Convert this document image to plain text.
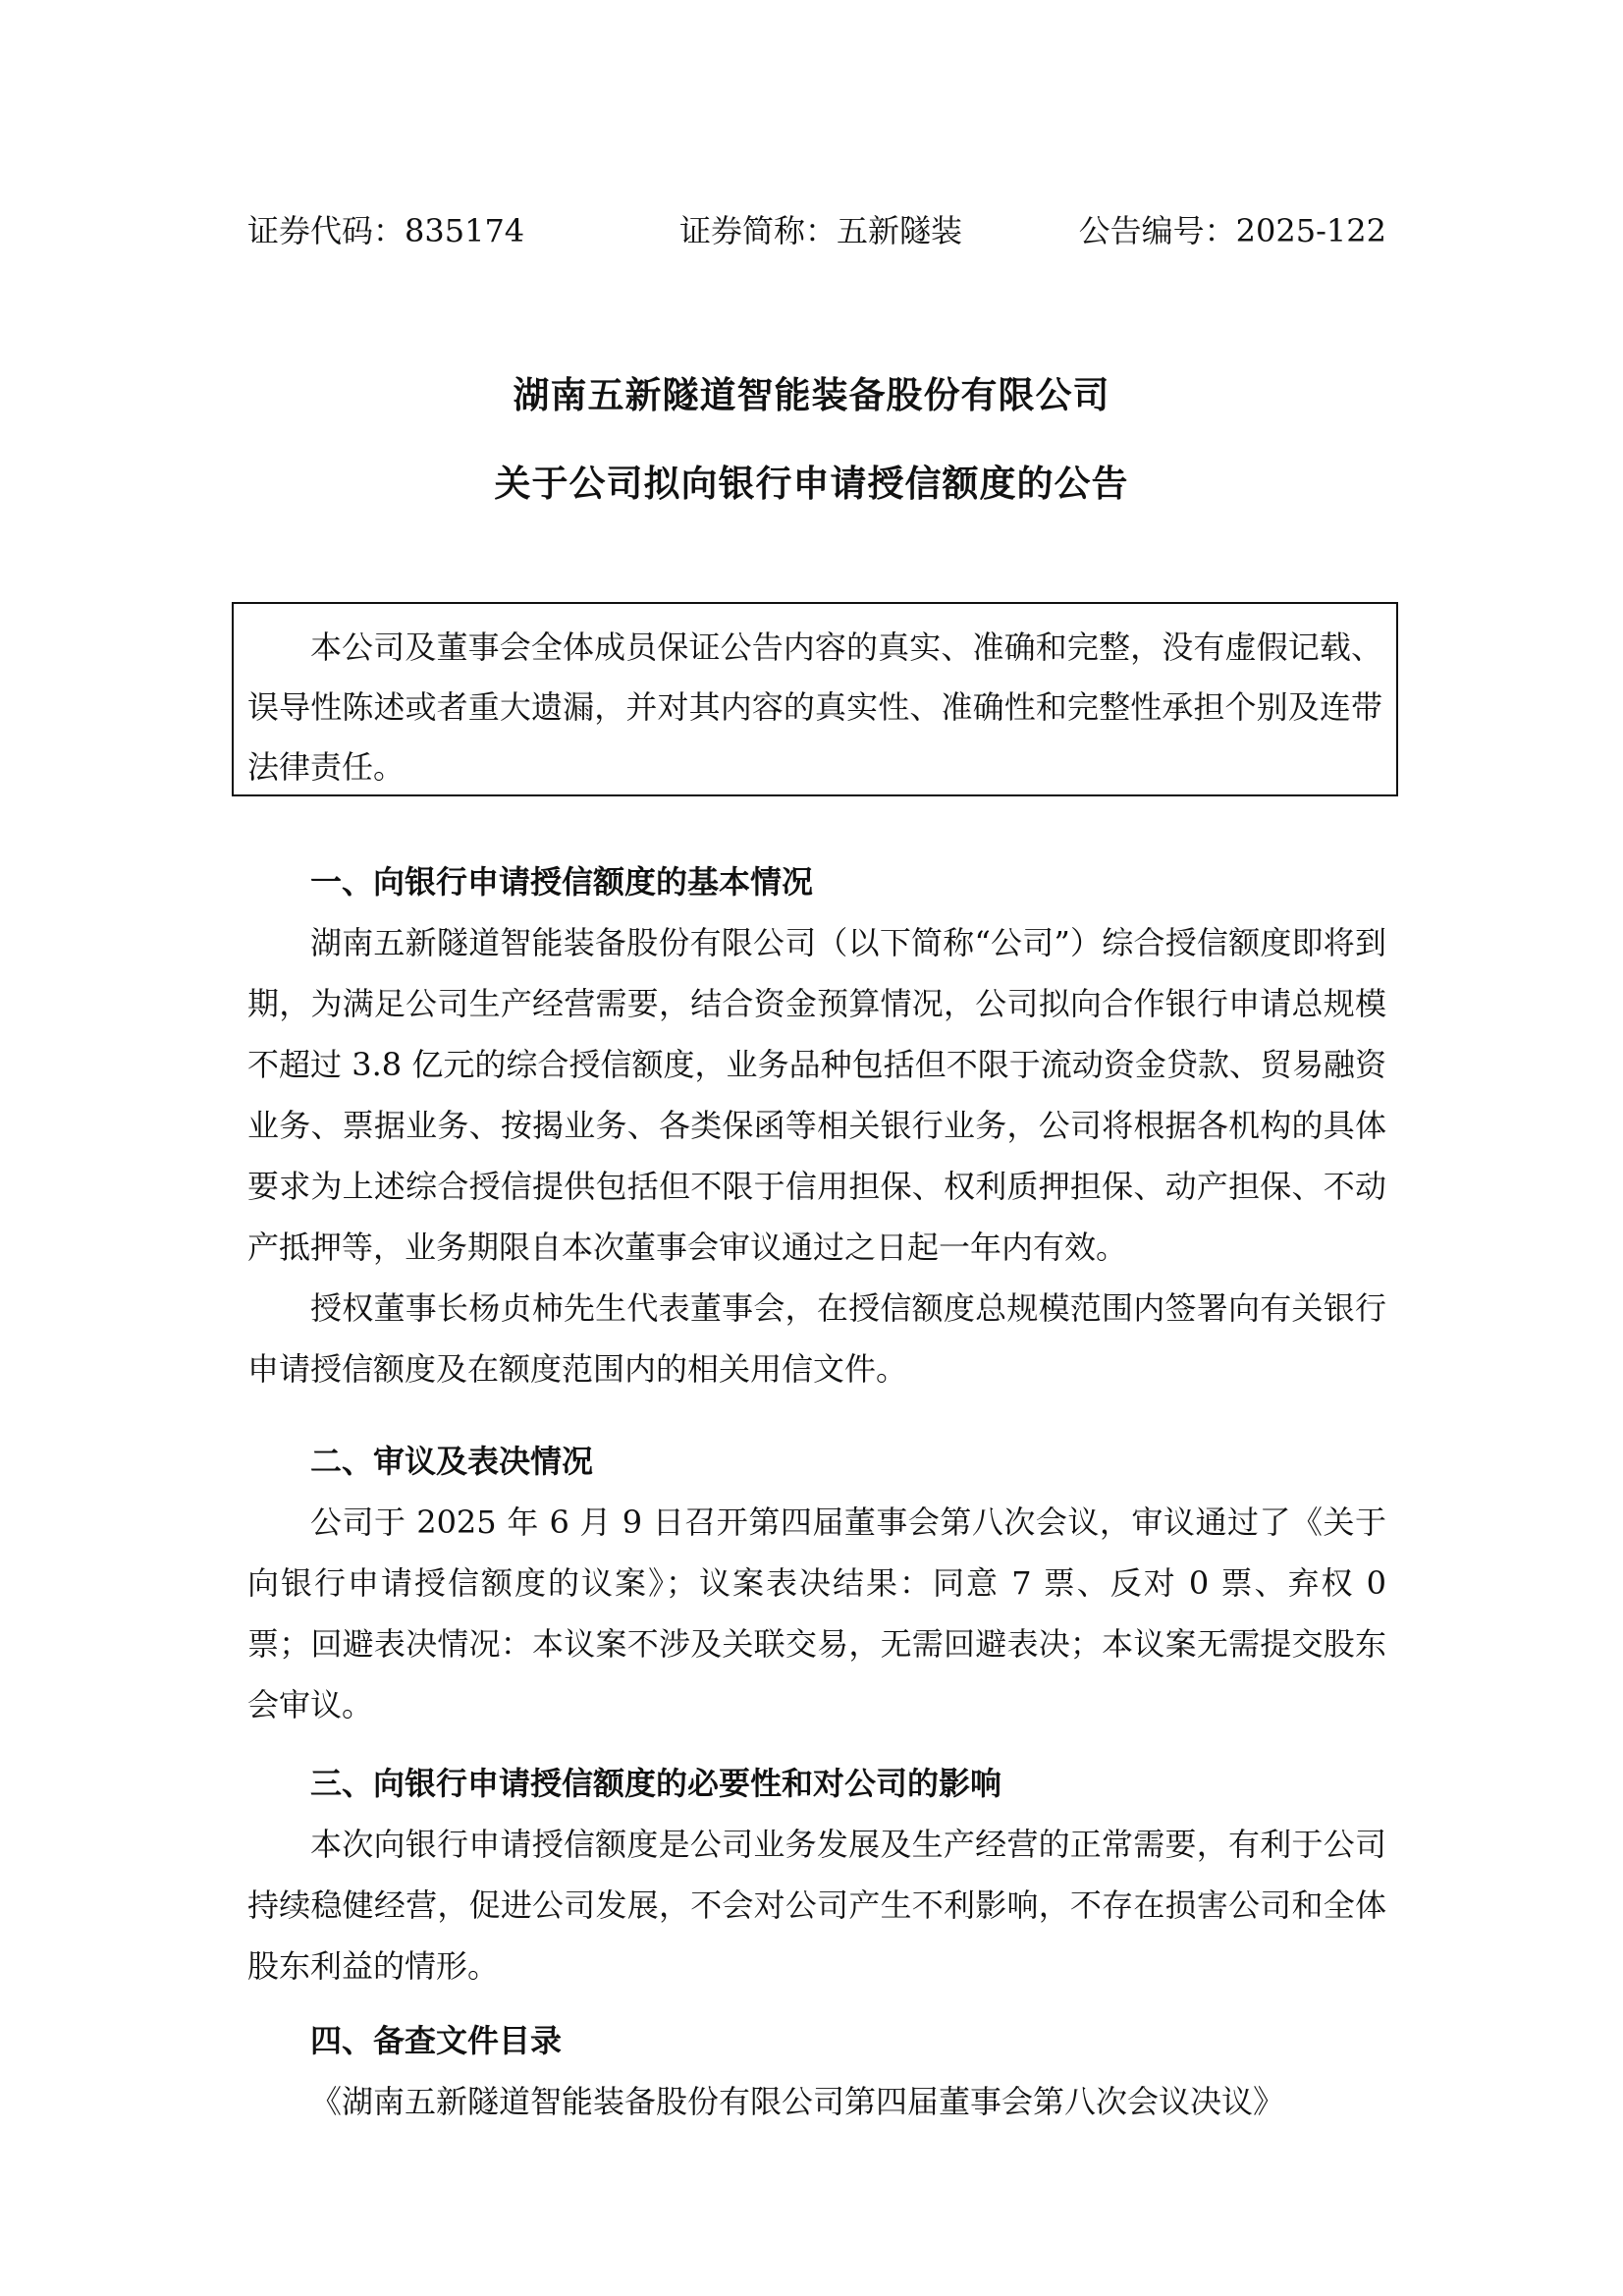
证券代码：835174	证券简称：五新隧装	公告编号：2025-122
湖南五新隧道智能装备股份有限公司
关于公司拟向银行申请授信额度的公告
本公司及董事会全体成员保证公告内容的真实、准确和完整，没有虚假记载、误导性陈述或者重大遗漏，并对其内容的真实性、准确性和完整性承担个别及连带法律责任。

一、向银行申请授信额度的基本情况

湖南五新隧道智能装备股份有限公司（以下简称“公司”）综合授信额度即将到期，为满足公司生产经营需要，结合资金预算情况，公司拟向合作银行申请总规模不超过 3.8 亿元的综合授信额度，业务品种包括但不限于流动资金贷款、贸易融资业务、票据业务、按揭业务、各类保函等相关银行业务，公司将根据各机构的具体要求为上述综合授信提供包括但不限于信用担保、权利质押担保、动产担保、不动产抵押等，业务期限自本次董事会审议通过之日起一年内有效。

授权董事长杨贞柿先生代表董事会，在授信额度总规模范围内签署向有关银行申请授信额度及在额度范围内的相关用信文件。

二、审议及表决情况

公司于 2025 年 6 月 9 日召开第四届董事会第八次会议，审议通过了《关于向银行申请授信额度的议案》；议案表决结果：同意 7 票、反对 0 票、弃权 0 票；回避表决情况：本议案不涉及关联交易，无需回避表决；本议案无需提交股东会审议。

三、向银行申请授信额度的必要性和对公司的影响

本次向银行申请授信额度是公司业务发展及生产经营的正常需要，有利于公司持续稳健经营，促进公司发展，不会对公司产生不利影响，不存在损害公司和全体股东利益的情形。

四、备查文件目录

《湖南五新隧道智能装备股份有限公司第四届董事会第八次会议决议》
